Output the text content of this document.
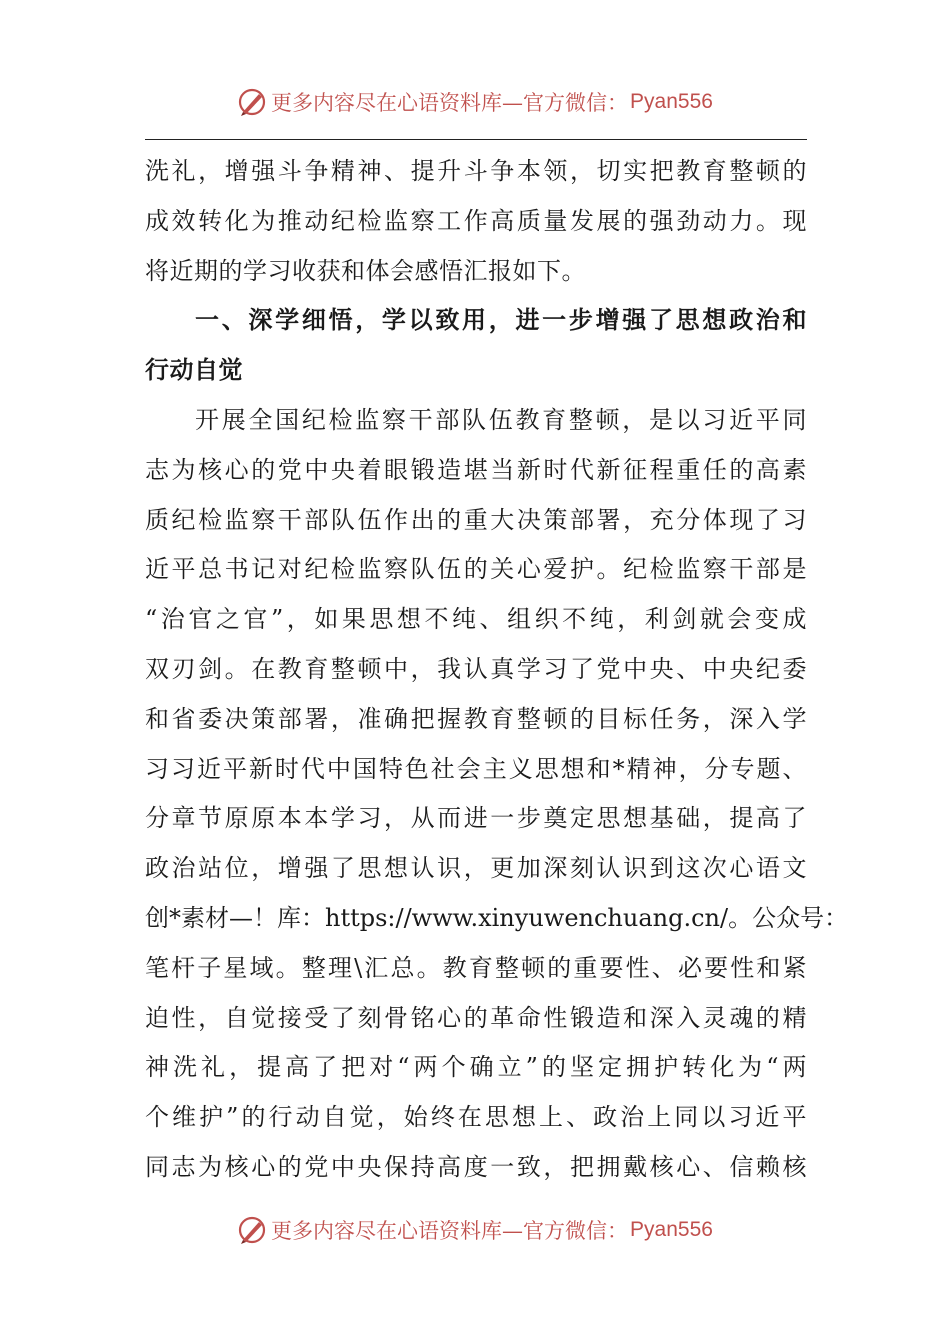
更多内容尽在心语资料库—官方微信： Pyan556
洗礼，增强斗争精神、提升斗争本领，切实把教育整顿的
成效转化为推动纪检监察工作高质量发展的强劲动力。现
将近期的学习收获和体会感悟汇报如下。
一、深学细悟，学以致用，进一步增强了思想政治和
行动自觉
开展全国纪检监察干部队伍教育整顿，是以习近平同
志为核心的党中央着眼锻造堪当新时代新征程重任的高素
质纪检监察干部队伍作出的重大决策部署，充分体现了习
近平总书记对纪检监察队伍的关心爱护。纪检监察干部是
“治官之官”，如果思想不纯、组织不纯，利剑就会变成
双刃剑。在教育整顿中，我认真学习了党中央、中央纪委
和省委决策部署，准确把握教育整顿的目标任务，深入学
习习近平新时代中国特色社会主义思想和*精神，分专题、
分章节原原本本学习，从而进一步奠定思想基础，提高了
政治站位，增强了思想认识，更加深刻认识到这次心语文
创*素材—！库：https://www.xinyuwenchuang.cn/。公众号：
笔杆子星域。整理\汇总。教育整顿的重要性、必要性和紧
迫性，自觉接受了刻骨铭心的革命性锻造和深入灵魂的精
神洗礼，提高了把对“两个确立”的坚定拥护转化为“两
个维护”的行动自觉，始终在思想上、政治上同以习近平
同志为核心的党中央保持高度一致，把拥戴核心、信赖核
更多内容尽在心语资料库—官方微信： Pyan556
